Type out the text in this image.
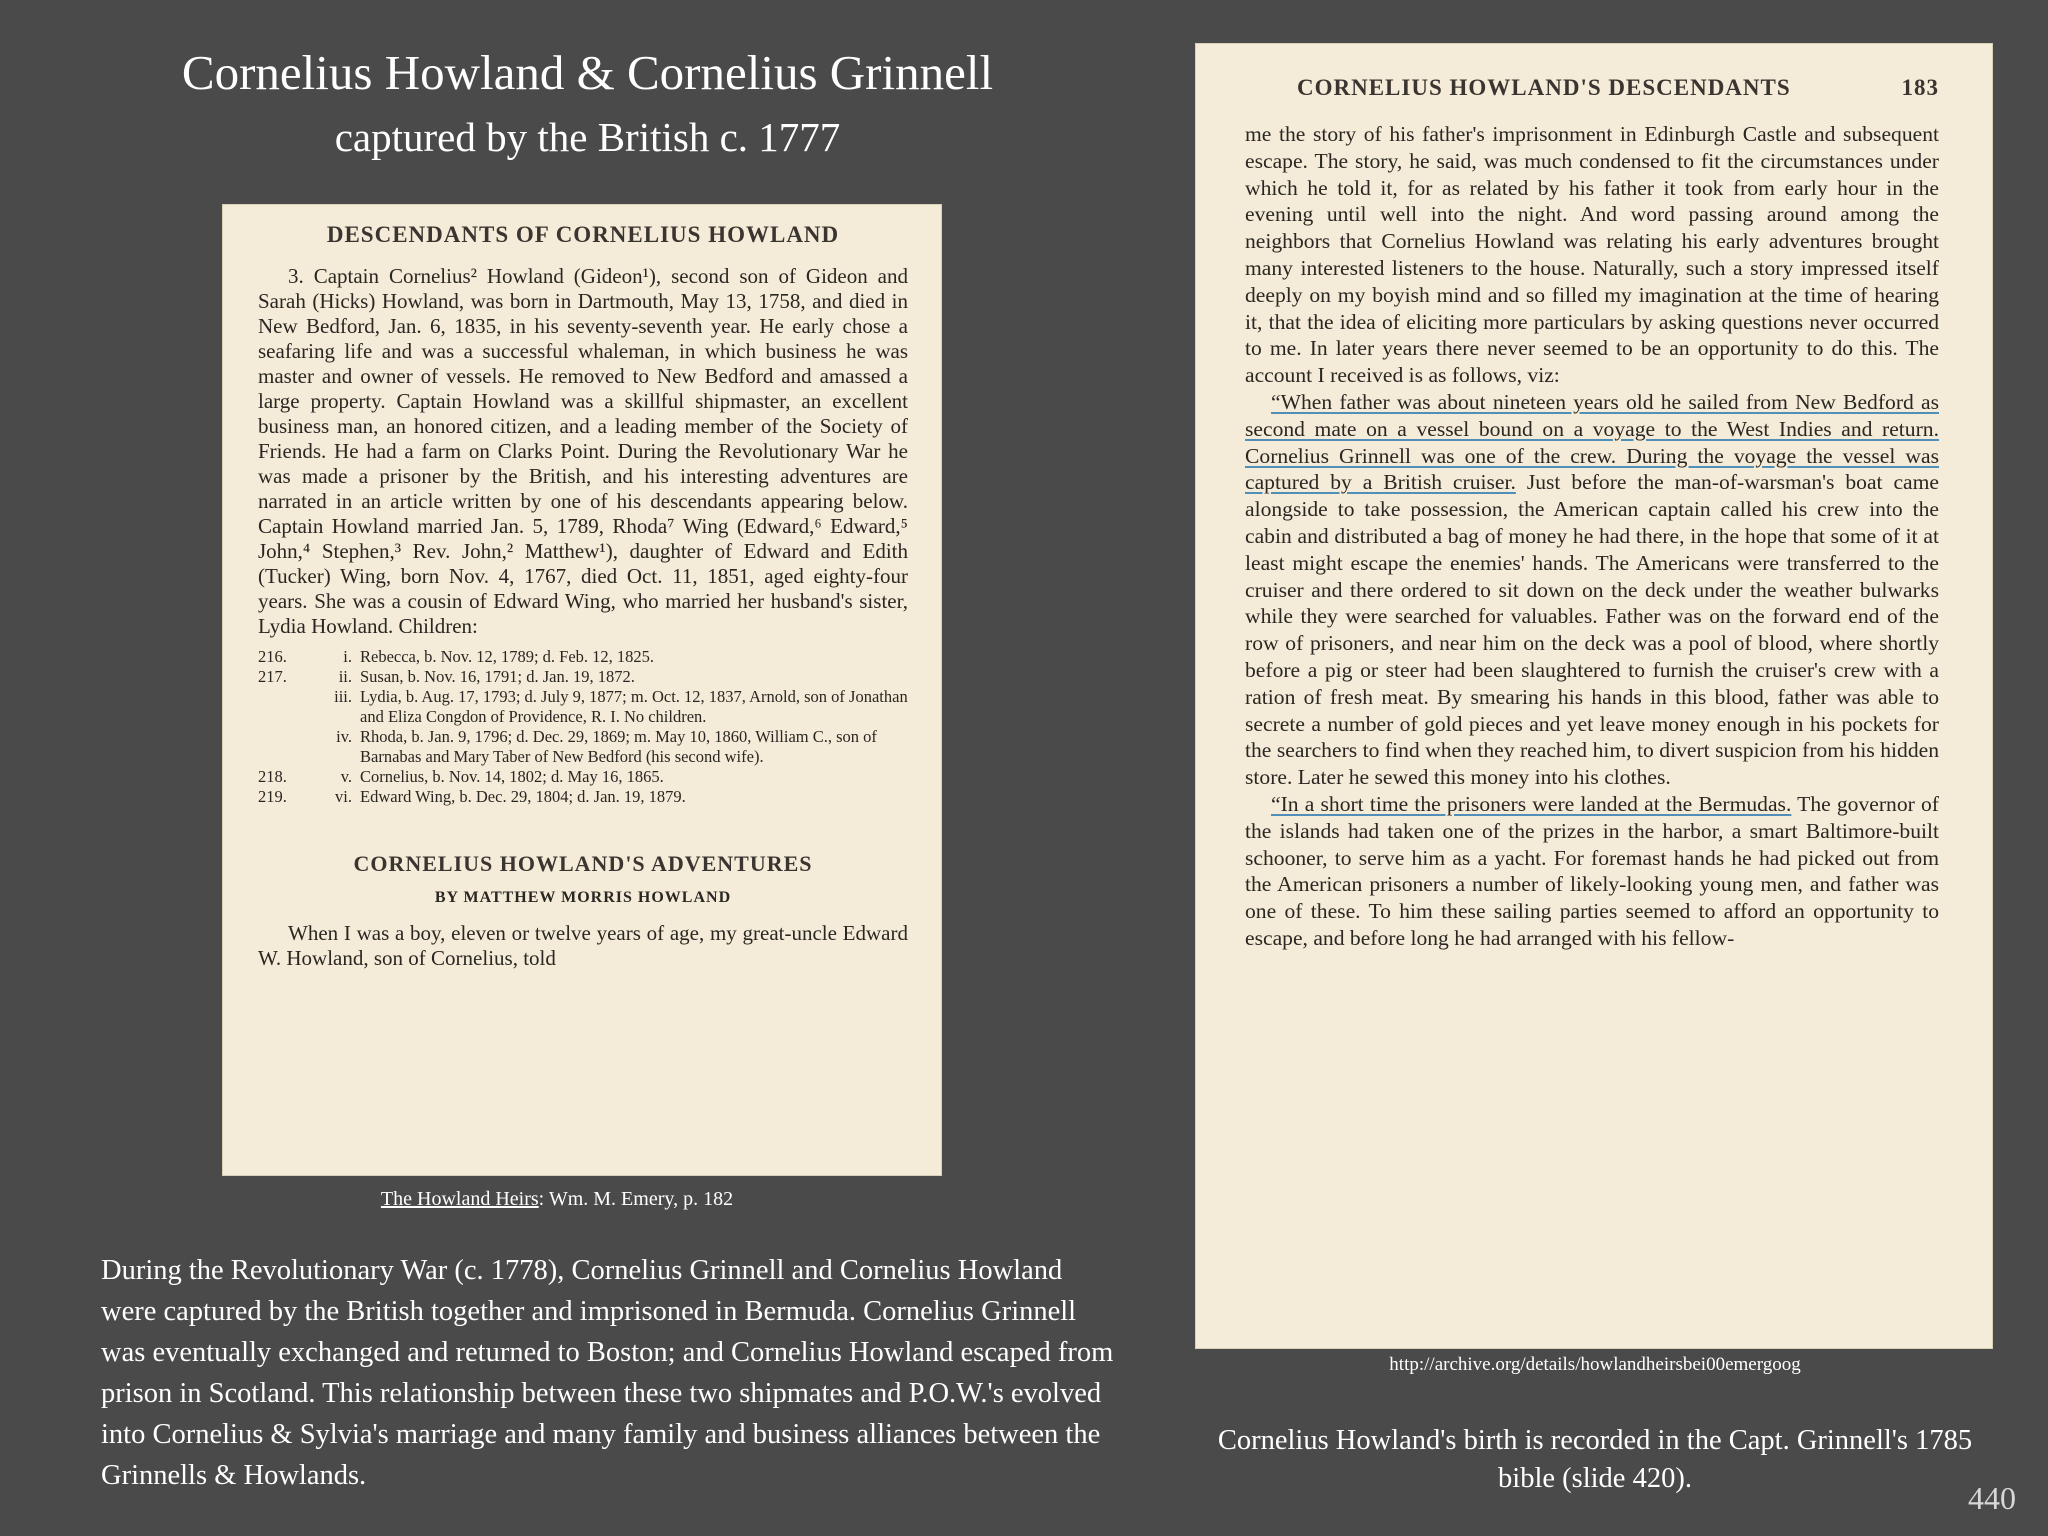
Cornelius Howland & Cornelius Grinnell
captured by the British c. 1777
DESCENDANTS OF CORNELIUS HOWLAND

3. Captain Cornelius² Howland (Gideon¹), second son of Gideon and Sarah (Hicks) Howland, was born in Dartmouth, May 13, 1758, and died in New Bedford, Jan. 6, 1835, in his seventy-seventh year. He early chose a seafaring life and was a successful whaleman, in which business he was master and owner of vessels. He removed to New Bedford and amassed a large property. Captain Howland was a skillful shipmaster, an excellent business man, an honored citizen, and a leading member of the Society of Friends. He had a farm on Clarks Point. During the Revolutionary War he was made a prisoner by the British, and his interesting adventures are narrated in an article written by one of his descendants appearing below. Captain Howland married Jan. 5, 1789, Rhoda⁷ Wing (Edward,⁶ Edward,⁵ John,⁴ Stephen,³ Rev. John,² Matthew¹), daughter of Edward and Edith (Tucker) Wing, born Nov. 4, 1767, died Oct. 11, 1851, aged eighty-four years. She was a cousin of Edward Wing, who married her husband's sister, Lydia Howland. Children:

216.	i. Rebecca, b. Nov. 12, 1789; d. Feb. 12, 1825.
217.	ii. Susan, b. Nov. 16, 1791; d. Jan. 19, 1872.
iii. Lydia, b. Aug. 17, 1793; d. July 9, 1877; m. Oct. 12, 1837, Arnold, son of Jonathan and Eliza Congdon of Providence, R. I. No children.
iv. Rhoda, b. Jan. 9, 1796; d. Dec. 29, 1869; m. May 10, 1860, William C., son of Barnabas and Mary Taber of New Bedford (his second wife).
218.	v. Cornelius, b. Nov. 14, 1802; d. May 16, 1865.
219.	vi. Edward Wing, b. Dec. 29, 1804; d. Jan. 19, 1879.
CORNELIUS HOWLAND'S ADVENTURES
BY MATTHEW MORRIS HOWLAND

When I was a boy, eleven or twelve years of age, my great-uncle Edward W. Howland, son of Cornelius, told

The Howland Heirs: Wm. M. Emery, p. 182
During the Revolutionary War (c. 1778), Cornelius Grinnell and Cornelius Howland were captured by the British together and imprisoned in Bermuda. Cornelius Grinnell was eventually exchanged and returned to Boston; and Cornelius Howland escaped from prison in Scotland. This relationship between these two shipmates and P.O.W.'s evolved into Cornelius & Sylvia's marriage and many family and business alliances between the Grinnells & Howlands.
CORNELIUS HOWLAND'S DESCENDANTS	183

me the story of his father's imprisonment in Edinburgh Castle and subsequent escape. The story, he said, was much condensed to fit the circumstances under which he told it, for as related by his father it took from early hour in the evening until well into the night. And word passing around among the neighbors that Cornelius Howland was relating his early adventures brought many interested listeners to the house. Naturally, such a story impressed itself deeply on my boyish mind and so filled my imagination at the time of hearing it, that the idea of eliciting more particulars by asking questions never occurred to me. In later years there never seemed to be an opportunity to do this. The account I received is as follows, viz:

“When father was about nineteen years old he sailed from New Bedford as second mate on a vessel bound on a voyage to the West Indies and return. Cornelius Grinnell was one of the crew. During the voyage the vessel was captured by a British cruiser. Just before the man-of-warsman's boat came alongside to take possession, the American captain called his crew into the cabin and distributed a bag of money he had there, in the hope that some of it at least might escape the enemies' hands. The Americans were transferred to the cruiser and there ordered to sit down on the deck under the weather bulwarks while they were searched for valuables. Father was on the forward end of the row of prisoners, and near him on the deck was a pool of blood, where shortly before a pig or steer had been slaughtered to furnish the cruiser's crew with a ration of fresh meat. By smearing his hands in this blood, father was able to secrete a number of gold pieces and yet leave money enough in his pockets for the searchers to find when they reached him, to divert suspicion from his hidden store. Later he sewed this money into his clothes.

“In a short time the prisoners were landed at the Bermudas. The governor of the islands had taken one of the prizes in the harbor, a smart Baltimore-built schooner, to serve him as a yacht. For foremast hands he had picked out from the American prisoners a number of likely-looking young men, and father was one of these. To him these sailing parties seemed to afford an opportunity to escape, and before long he had arranged with his fellow-

http://archive.org/details/howlandheirsbei00emergoog
Cornelius Howland's birth is recorded in the Capt. Grinnell's 1785 bible (slide 420).
440
